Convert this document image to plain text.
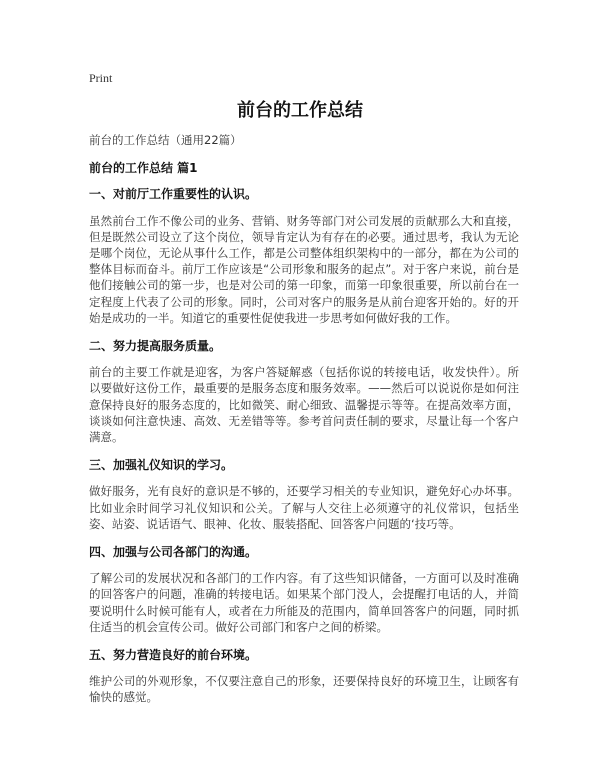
Print
前台的工作总结

前台的工作总结（通用22篇）

前台的工作总结 篇1

一、对前厅工作重要性的认识。

虽然前台工作不像公司的业务、营销、财务等部门对公司发展的贡献那么大和直接，但是既然公司设立了这个岗位，领导肯定认为有存在的必要。通过思考，我认为无论是哪个岗位，无论从事什么工作，都是公司整体组织架构中的一部分，都在为公司的整体目标而奋斗。前厅工作应该是“公司形象和服务的起点”。对于客户来说，前台是他们接触公司的第一步，也是对公司的第一印象，而第一印象很重要，所以前台在一定程度上代表了公司的形象。同时，公司对客户的服务是从前台迎客开始的。好的开始是成功的一半。知道它的重要性促使我进一步思考如何做好我的工作。

二、努力提高服务质量。

前台的主要工作就是迎客，为客户答疑解惑（包括你说的转接电话，收发快件）。所以要做好这份工作，最重要的是服务态度和服务效率。——然后可以说说你是如何注意保持良好的服务态度的，比如微笑、耐心细致、温馨提示等等。在提高效率方面，谈谈如何注意快速、高效、无差错等等。参考首问责任制的要求，尽量让每一个客户满意。

三、加强礼仪知识的学习。

做好服务，光有良好的意识是不够的，还要学习相关的专业知识，避免好心办坏事。比如业余时间学习礼仪知识和公关。了解与人交往上必须遵守的礼仪常识，包括坐姿、站姿、说话语气、眼神、化妆、服装搭配、回答客户问题的‘技巧等。

四、加强与公司各部门的沟通。

了解公司的发展状况和各部门的工作内容。有了这些知识储备，一方面可以及时准确的回答客户的问题，准确的转接电话。如果某个部门没人，会提醒打电话的人，并简要说明什么时候可能有人，或者在力所能及的范围内，简单回答客户的问题，同时抓住适当的机会宣传公司。做好公司部门和客户之间的桥梁。

五、努力营造良好的前台环境。

维护公司的外观形象，不仅要注意自己的形象，还要保持良好的环境卫生，让顾客有愉快的感觉。
